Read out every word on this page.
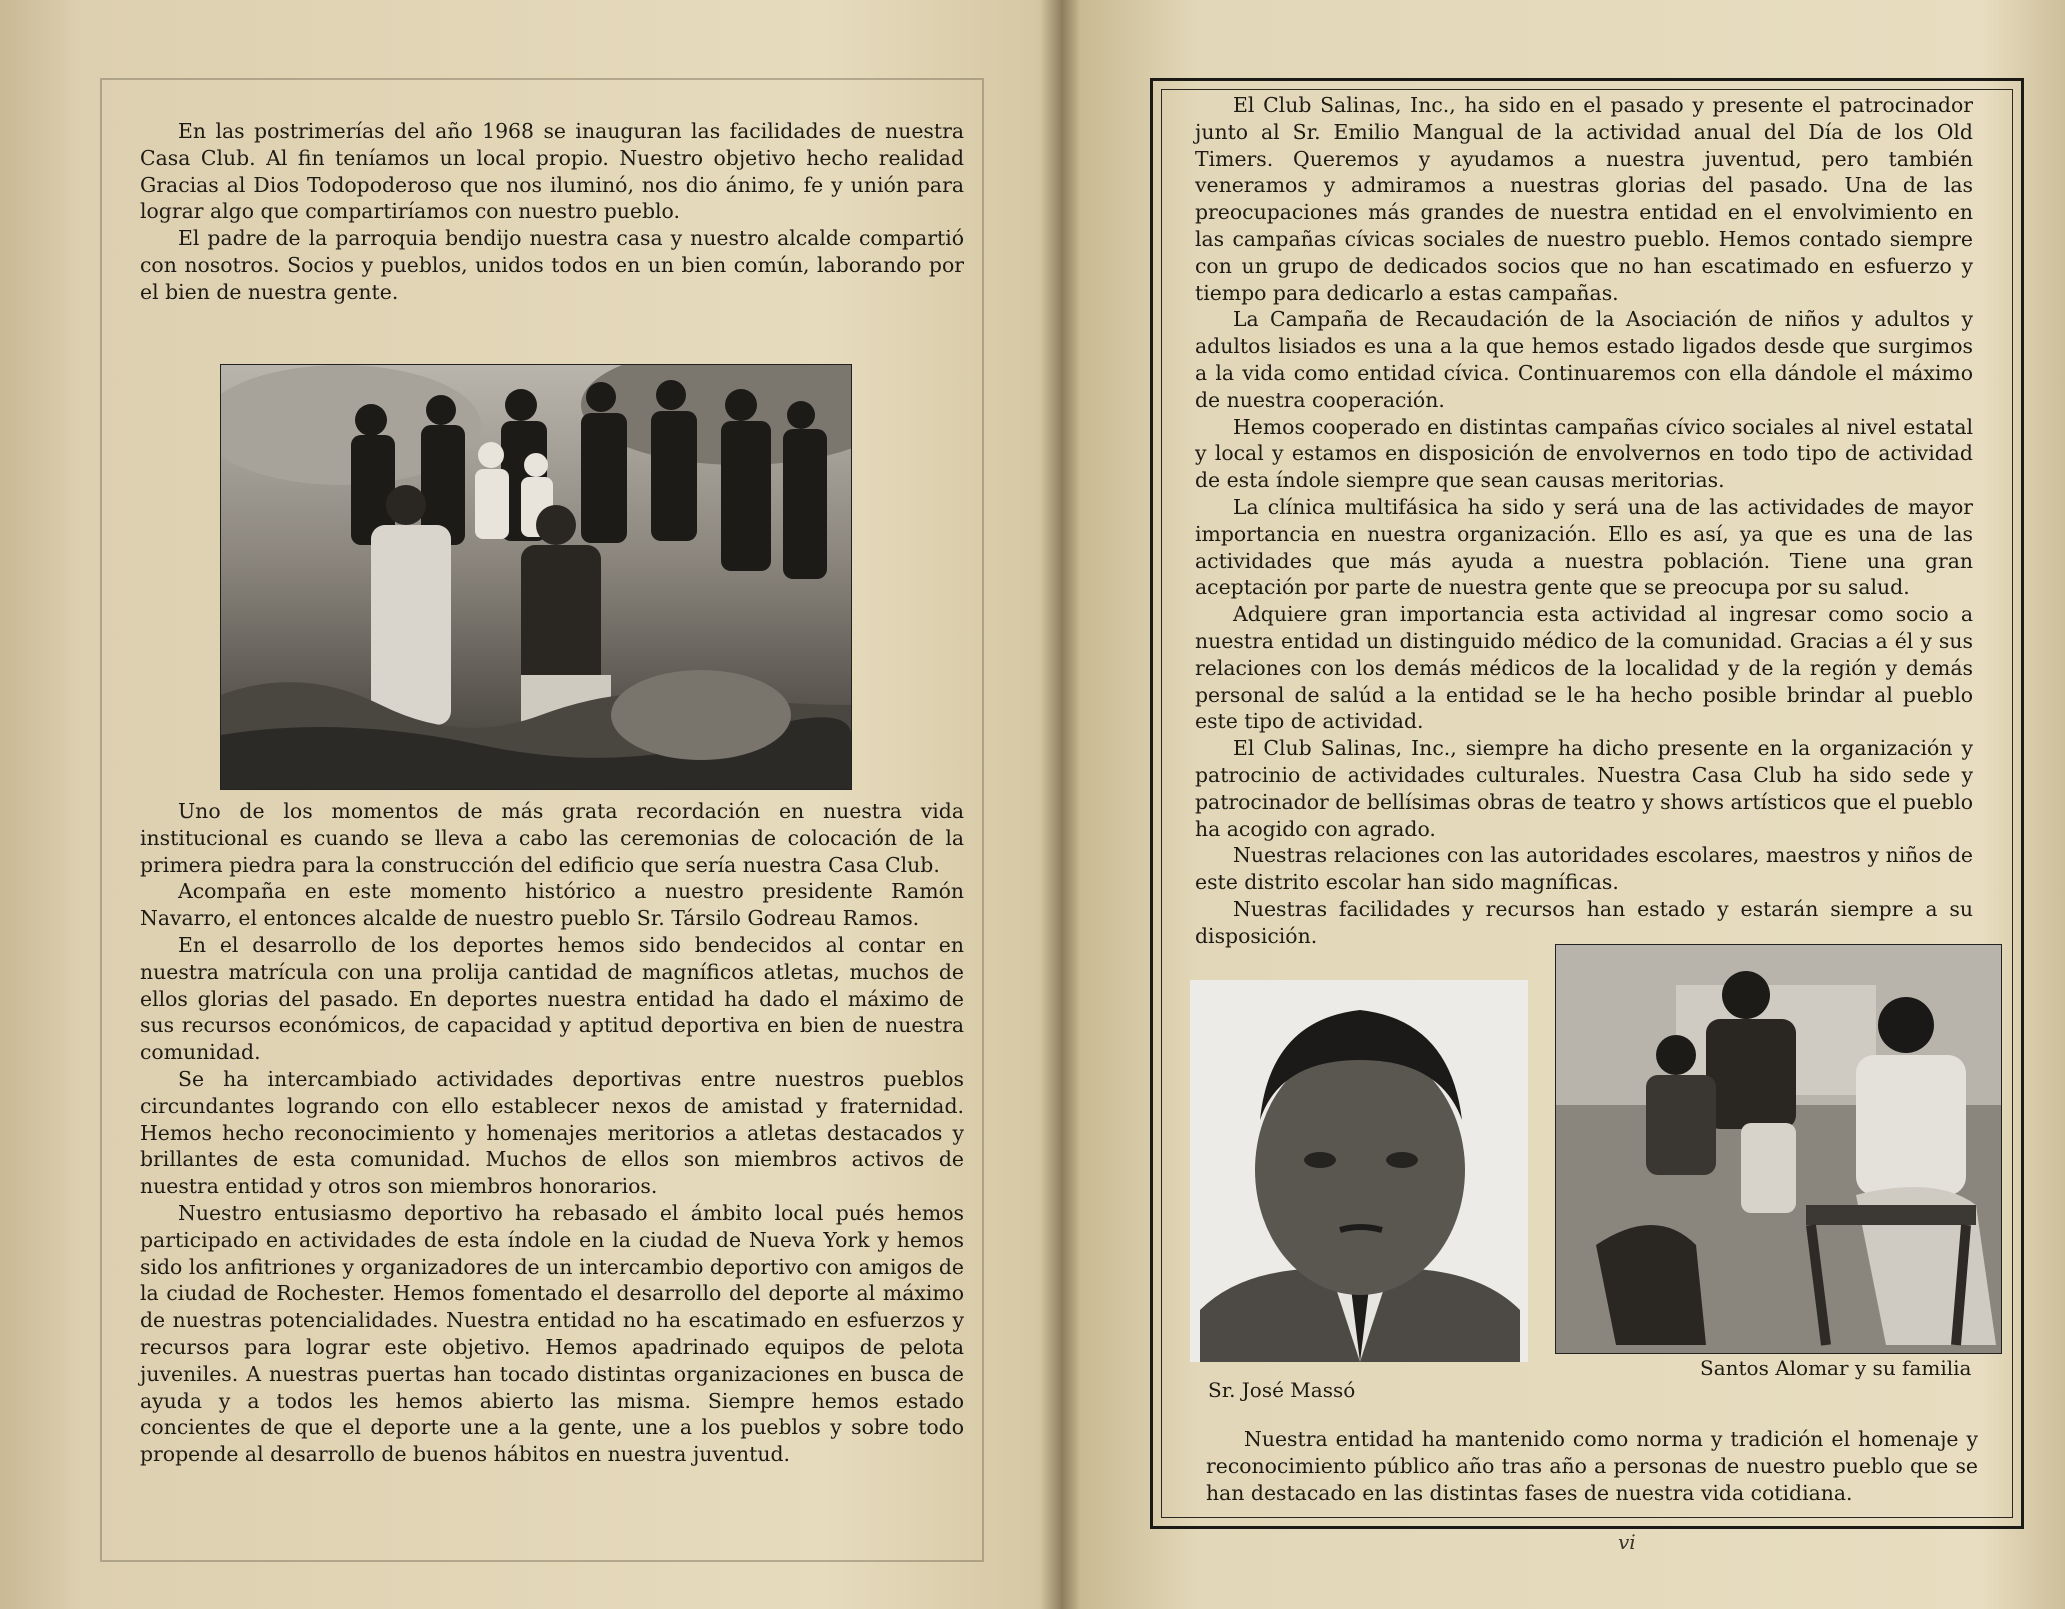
En las postrimerías del año 1968 se inauguran las facilidades de nuestra Casa Club. Al fin teníamos un local propio. Nuestro objetivo hecho realidad Gracias al Dios Todopoderoso que nos iluminó, nos dio ánimo, fe y unión para lograr algo que compartiríamos con nuestro pueblo.

El padre de la parroquia bendijo nuestra casa y nuestro alcalde compartió con nosotros. Socios y pueblos, unidos todos en un bien común, laborando por el bien de nuestra gente.

Uno de los momentos de más grata recordación en nuestra vida institucional es cuando se lleva a cabo las ceremonias de colocación de la primera piedra para la construcción del edificio que sería nuestra Casa Club.

Acompaña en este momento histórico a nuestro presidente Ramón Navarro, el entonces alcalde de nuestro pueblo Sr. Társilo Godreau Ramos.

En el desarrollo de los deportes hemos sido bendecidos al contar en nuestra matrícula con una prolija cantidad de magníficos atletas, muchos de ellos glorias del pasado. En deportes nuestra entidad ha dado el máximo de sus recursos económicos, de capacidad y aptitud deportiva en bien de nuestra comunidad.

Se ha intercambiado actividades deportivas entre nuestros pueblos circundantes logrando con ello establecer nexos de amistad y fraternidad. Hemos hecho reconocimiento y homenajes meritorios a atletas destacados y brillantes de esta comunidad. Muchos de ellos son miembros activos de nuestra entidad y otros son miembros honorarios.

Nuestro entusiasmo deportivo ha rebasado el ámbito local pués hemos participado en actividades de esta índole en la ciudad de Nueva York y hemos sido los anfitriones y organizadores de un intercambio deportivo con amigos de la ciudad de Rochester. Hemos fomentado el desarrollo del deporte al máximo de nuestras potencialidades. Nuestra entidad no ha escatimado en esfuerzos y recursos para lograr este objetivo. Hemos apadrinado equipos de pelota juveniles. A nuestras puertas han tocado distintas organizaciones en busca de ayuda y a todos les hemos abierto las misma. Siempre hemos estado concientes de que el deporte une a la gente, une a los pueblos y sobre todo propende al desarrollo de buenos hábitos en nuestra juventud.

El Club Salinas, Inc., ha sido en el pasado y presente el patrocinador junto al Sr. Emilio Mangual de la actividad anual del Día de los Old Timers. Queremos y ayudamos a nuestra juventud, pero también veneramos y admiramos a nuestras glorias del pasado. Una de las preocupaciones más grandes de nuestra entidad en el envolvimiento en las campañas cívicas sociales de nuestro pueblo. Hemos contado siempre con un grupo de dedicados socios que no han escatimado en esfuerzo y tiempo para dedicarlo a estas campañas.

La Campaña de Recaudación de la Asociación de niños y adultos y adultos lisiados es una a la que hemos estado ligados desde que surgimos a la vida como entidad cívica. Continuaremos con ella dándole el máximo de nuestra cooperación.

Hemos cooperado en distintas campañas cívico sociales al nivel estatal y local y estamos en disposición de envolvernos en todo tipo de actividad de esta índole siempre que sean causas meritorias.

La clínica multifásica ha sido y será una de las actividades de mayor importancia en nuestra organización. Ello es así, ya que es una de las actividades que más ayuda a nuestra población. Tiene una gran aceptación por parte de nuestra gente que se preocupa por su salud.

Adquiere gran importancia esta actividad al ingresar como socio a nuestra entidad un distinguido médico de la comunidad. Gracias a él y sus relaciones con los demás médicos de la localidad y de la región y demás personal de salúd a la entidad se le ha hecho posible brindar al pueblo este tipo de actividad.

El Club Salinas, Inc., siempre ha dicho presente en la organización y patrocinio de actividades culturales. Nuestra Casa Club ha sido sede y patrocinador de bellísimas obras de teatro y shows artísticos que el pueblo ha acogido con agrado.

Nuestras relaciones con las autoridades escolares, maestros y niños de este distrito escolar han sido magníficas.

Nuestras facilidades y recursos han estado y estarán siempre a su disposición.

Sr. José Massó
Santos Alomar y su familia

Nuestra entidad ha mantenido como norma y tradición el homenaje y reconocimiento público año tras año a personas de nuestro pueblo que se han destacado en las distintas fases de nuestra vida cotidiana.

vi
